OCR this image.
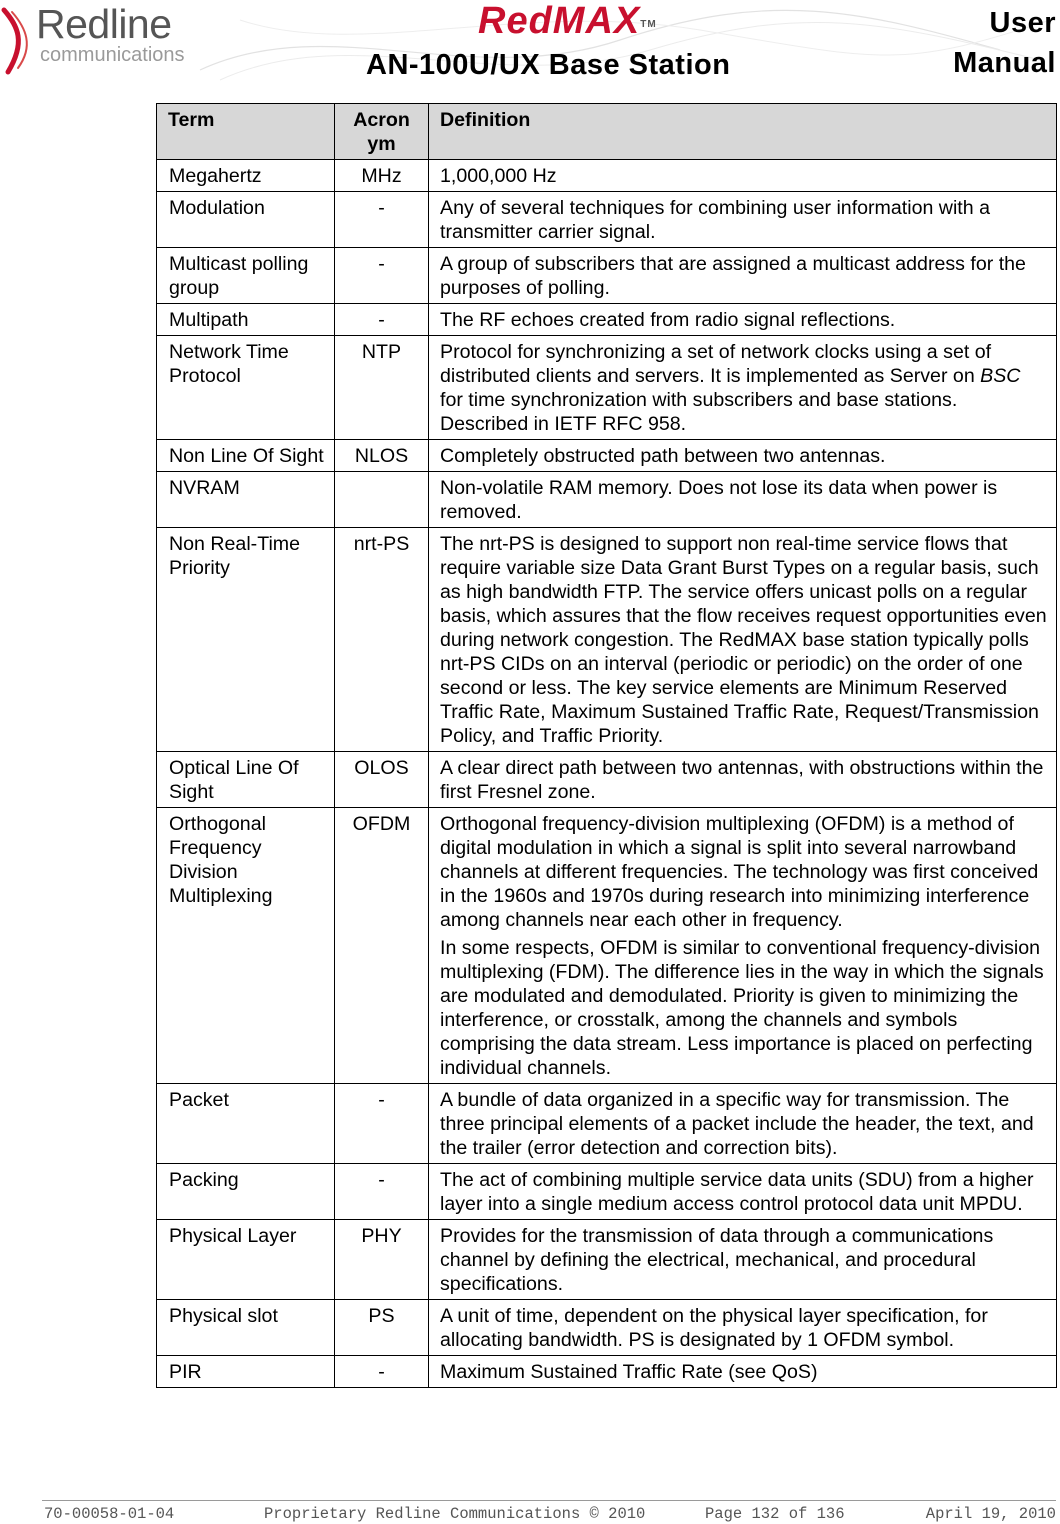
Redline
communications
RedMAX™
AN-100U/UX Base Station
User
Manual
Term	Acron ym	Definition
Megahertz	MHz	1,000,000 Hz
Modulation	-	Any of several techniques for combining user information with a transmitter carrier signal.
Multicast polling group	-	A group of subscribers that are assigned a multicast address for the purposes of polling.
Multipath	-	The RF echoes created from radio signal reflections.
Network Time Protocol	NTP	Protocol for synchronizing a set of network clocks using a set of distributed clients and servers. It is implemented as Server on BSC for time synchronization with subscribers and base stations. Described in IETF RFC 958.
Non Line Of Sight	NLOS	Completely obstructed path between two antennas.
NVRAM		Non-volatile RAM memory. Does not lose its data when power is removed.
Non Real-Time Priority	nrt-PS	The nrt-PS is designed to support non real-time service flows that require variable size Data Grant Burst Types on a regular basis, such as high bandwidth FTP. The service offers unicast polls on a regular basis, which assures that the flow receives request opportunities even during network congestion. The RedMAX base station typically polls nrt-PS CIDs on an interval (periodic or periodic) on the order of one second or less. The key service elements are Minimum Reserved Traffic Rate, Maximum Sustained Traffic Rate, Request/Transmission Policy, and Traffic Priority.
Optical Line Of Sight	OLOS	A clear direct path between two antennas, with obstructions within the first Fresnel zone.
Orthogonal Frequency Division Multiplexing	OFDM	Orthogonal frequency-division multiplexing (OFDM) is a method of digital modulation in which a signal is split into several narrowband channels at different frequencies. The technology was first conceived in the 1960s and 1970s during research into minimizing interference among channels near each other in frequency.

In some respects, OFDM is similar to conventional frequency-division multiplexing (FDM). The difference lies in the way in which the signals are modulated and demodulated. Priority is given to minimizing the interference, or crosstalk, among the channels and symbols comprising the data stream. Less importance is placed on perfecting individual channels.

Packet	-	A bundle of data organized in a specific way for transmission. The three principal elements of a packet include the header, the text, and the trailer (error detection and correction bits).
Packing	-	The act of combining multiple service data units (SDU) from a higher layer into a single medium access control protocol data unit MPDU.
Physical Layer	PHY	Provides for the transmission of data through a communications channel by defining the electrical, mechanical, and procedural specifications.
Physical slot	PS	A unit of time, dependent on the physical layer specification, for allocating bandwidth. PS is designated by 1 OFDM symbol.
PIR	-	Maximum Sustained Traffic Rate (see QoS)
70-00058-01-04	Proprietary Redline Communications © 2010	Page 132 of 136	April 19, 2010
